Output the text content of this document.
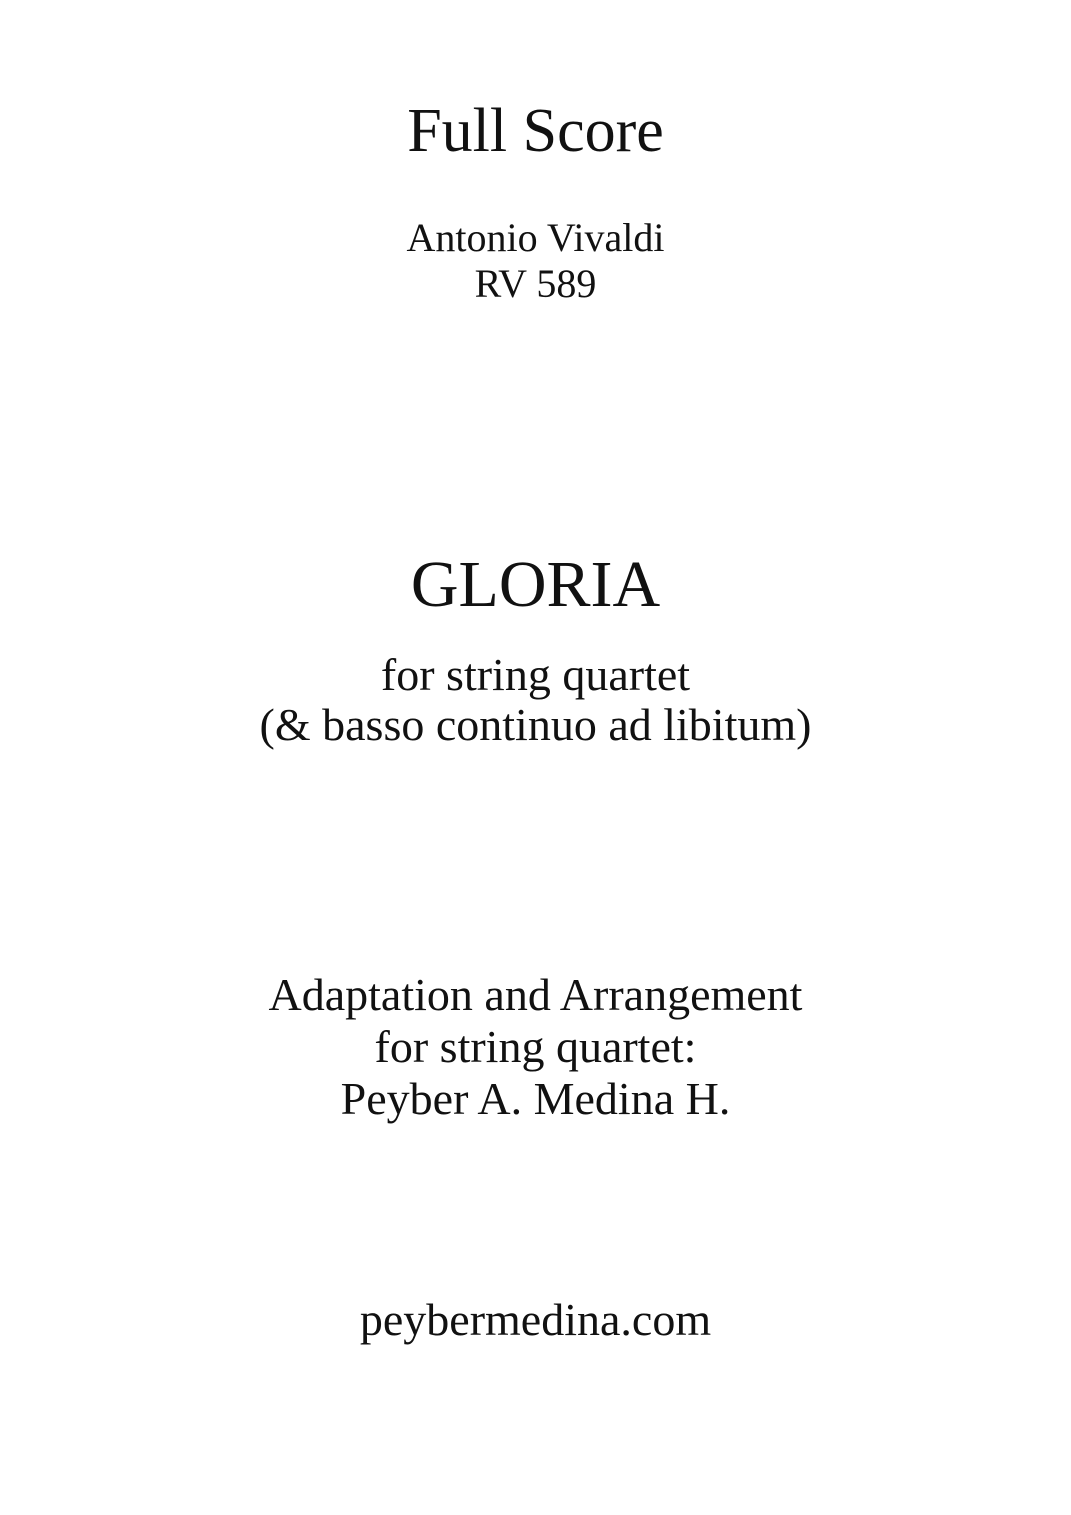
Full Score
Antonio Vivaldi
RV 589
GLORIA
for string quartet
(& basso continuo ad libitum)
Adaptation and Arrangement
for string quartet:
Peyber A. Medina H.
peybermedina.com
